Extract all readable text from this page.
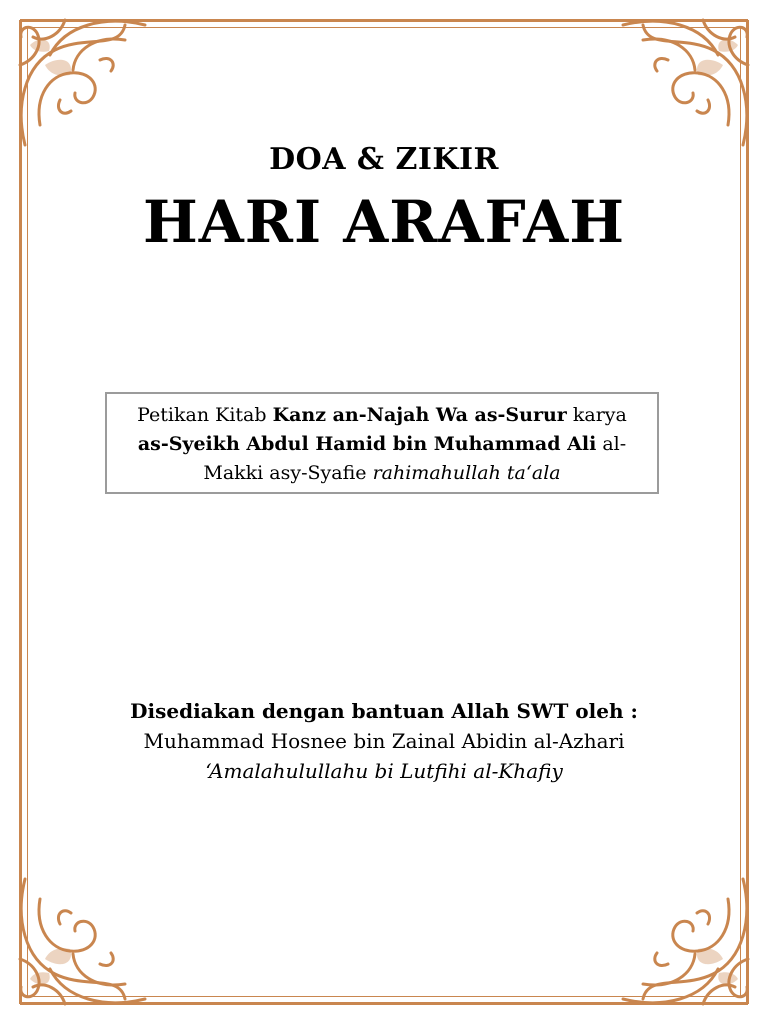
DOA & ZIKIR
HARI ARAFAH
Petikan Kitab Kanz an-Najah Wa as-Surur karya
as-Syeikh Abdul Hamid bin Muhammad Ali al-Makki asy-Syafie rahimahullah ta‘ala
Disediakan dengan bantuan Allah SWT oleh :
Muhammad Hosnee bin Zainal Abidin al-Azhari
‘Amalahulullahu bi Lutfihi al-Khafiy
